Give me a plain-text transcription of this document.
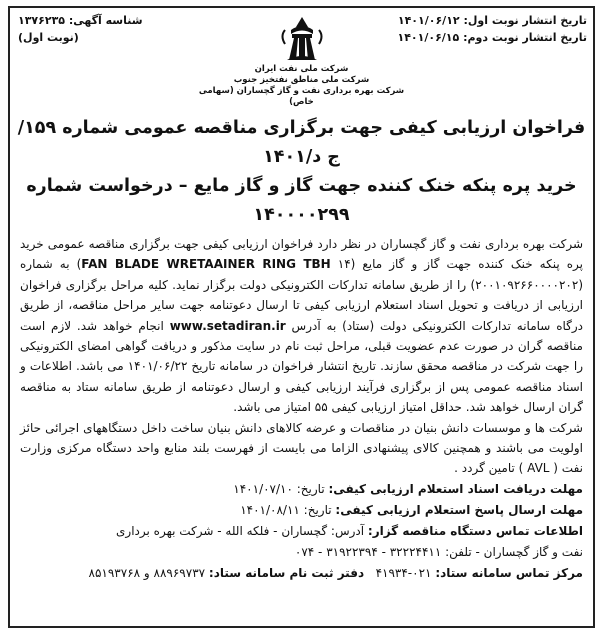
تاریخ انتشار نوبت اول: ۱۴۰۱/۰۶/۱۲
تاریخ انتشار نوبت دوم: ۱۴۰۱/۰۶/۱۵
شرکت ملی نفت ایران
شرکت ملی مناطق نفتخیز جنوب
شرکت بهره برداری نفت و گاز گچساران (سهامی خاص)
شناسه آگهی: ۱۳۷۶۲۳۵
(نوبت اول)
فراخوان ارزیابی کیفی جهت برگزاری مناقصه عمومی شماره ۱۵۹/ج د/۱۴۰۱
خرید پره پنکه خنک کننده جهت گاز و گاز مایع – درخواست شماره ۱۴۰۰۰۰۲۹۹

شرکت بهره برداری نفت و گاز گچساران در نظر دارد فراخوان ارزیابی کیفی جهت برگزاری مناقصه عمومی خرید پره پنکه خنک کننده جهت گاز و گاز مایع (FAN BLADE WRETAAINER RING TBH ۱۴) به شماره (۲۰۰۱۰۹۲۶۶۰۰۰۰۲۰۲) را از طریق سامانه تدارکات الکترونیکی دولت برگزار نماید. کلیه مراحل برگزاری فراخوان ارزیابی از دریافت و تحویل اسناد استعلام ارزیابی کیفی تا ارسال دعوتنامه جهت سایر مراحل مناقصه، از طریق درگاه سامانه تدارکات الکترونیکی دولت (ستاد) به آدرس www.setadiran.ir انجام خواهد شد. لازم است مناقصه گران در صورت عدم عضویت قبلی، مراحل ثبت نام در سایت مذکور و دریافت گواهی امضای الکترونیکی را جهت شرکت در مناقصه محقق سازند. تاریخ انتشار فراخوان در سامانه تاریخ ۱۴۰۱/۰۶/۲۲ می باشد. اطلاعات و اسناد مناقصه عمومی پس از برگزاری فرآیند ارزیابی کیفی و ارسال دعوتنامه از طریق سامانه ستاد به مناقصه گران ارسال خواهد شد. حداقل امتیاز ارزیابی کیفی ۵۵ امتیاز می باشد.

شرکت ها و موسسات دانش بنیان در مناقصات و عرضه کالاهای دانش بنیان ساخت داخل دستگاههای اجرائی حائز اولویت می باشند و همچنین کالای پیشنهادی الزاما می بایست از فهرست بلند منابع واحد دستگاه مرکزی وزارت نفت ( AVL ) تامین گردد .

مهلت دریافت اسناد استعلام ارزیابی کیفی: تاریخ: ۱۴۰۱/۰۷/۱۰
مهلت ارسال پاسخ استعلام ارزیابی کیفی: تاریخ: ۱۴۰۱/۰۸/۱۱
اطلاعات تماس دستگاه مناقصه گزار: آدرس: گچساران - فلکه الله - شرکت بهره برداری
نفت و گاز گچساران - تلفن: ۳۲۲۲۴۴۱۱ - ۳۱۹۲۲۳۹۴ - ۰۷۴
مرکز تماس سامانه ستاد: ۰۲۱-۴۱۹۳۴   دفتر ثبت نام سامانه ستاد: ۸۸۹۶۹۷۳۷ و ۸۵۱۹۳۷۶۸
